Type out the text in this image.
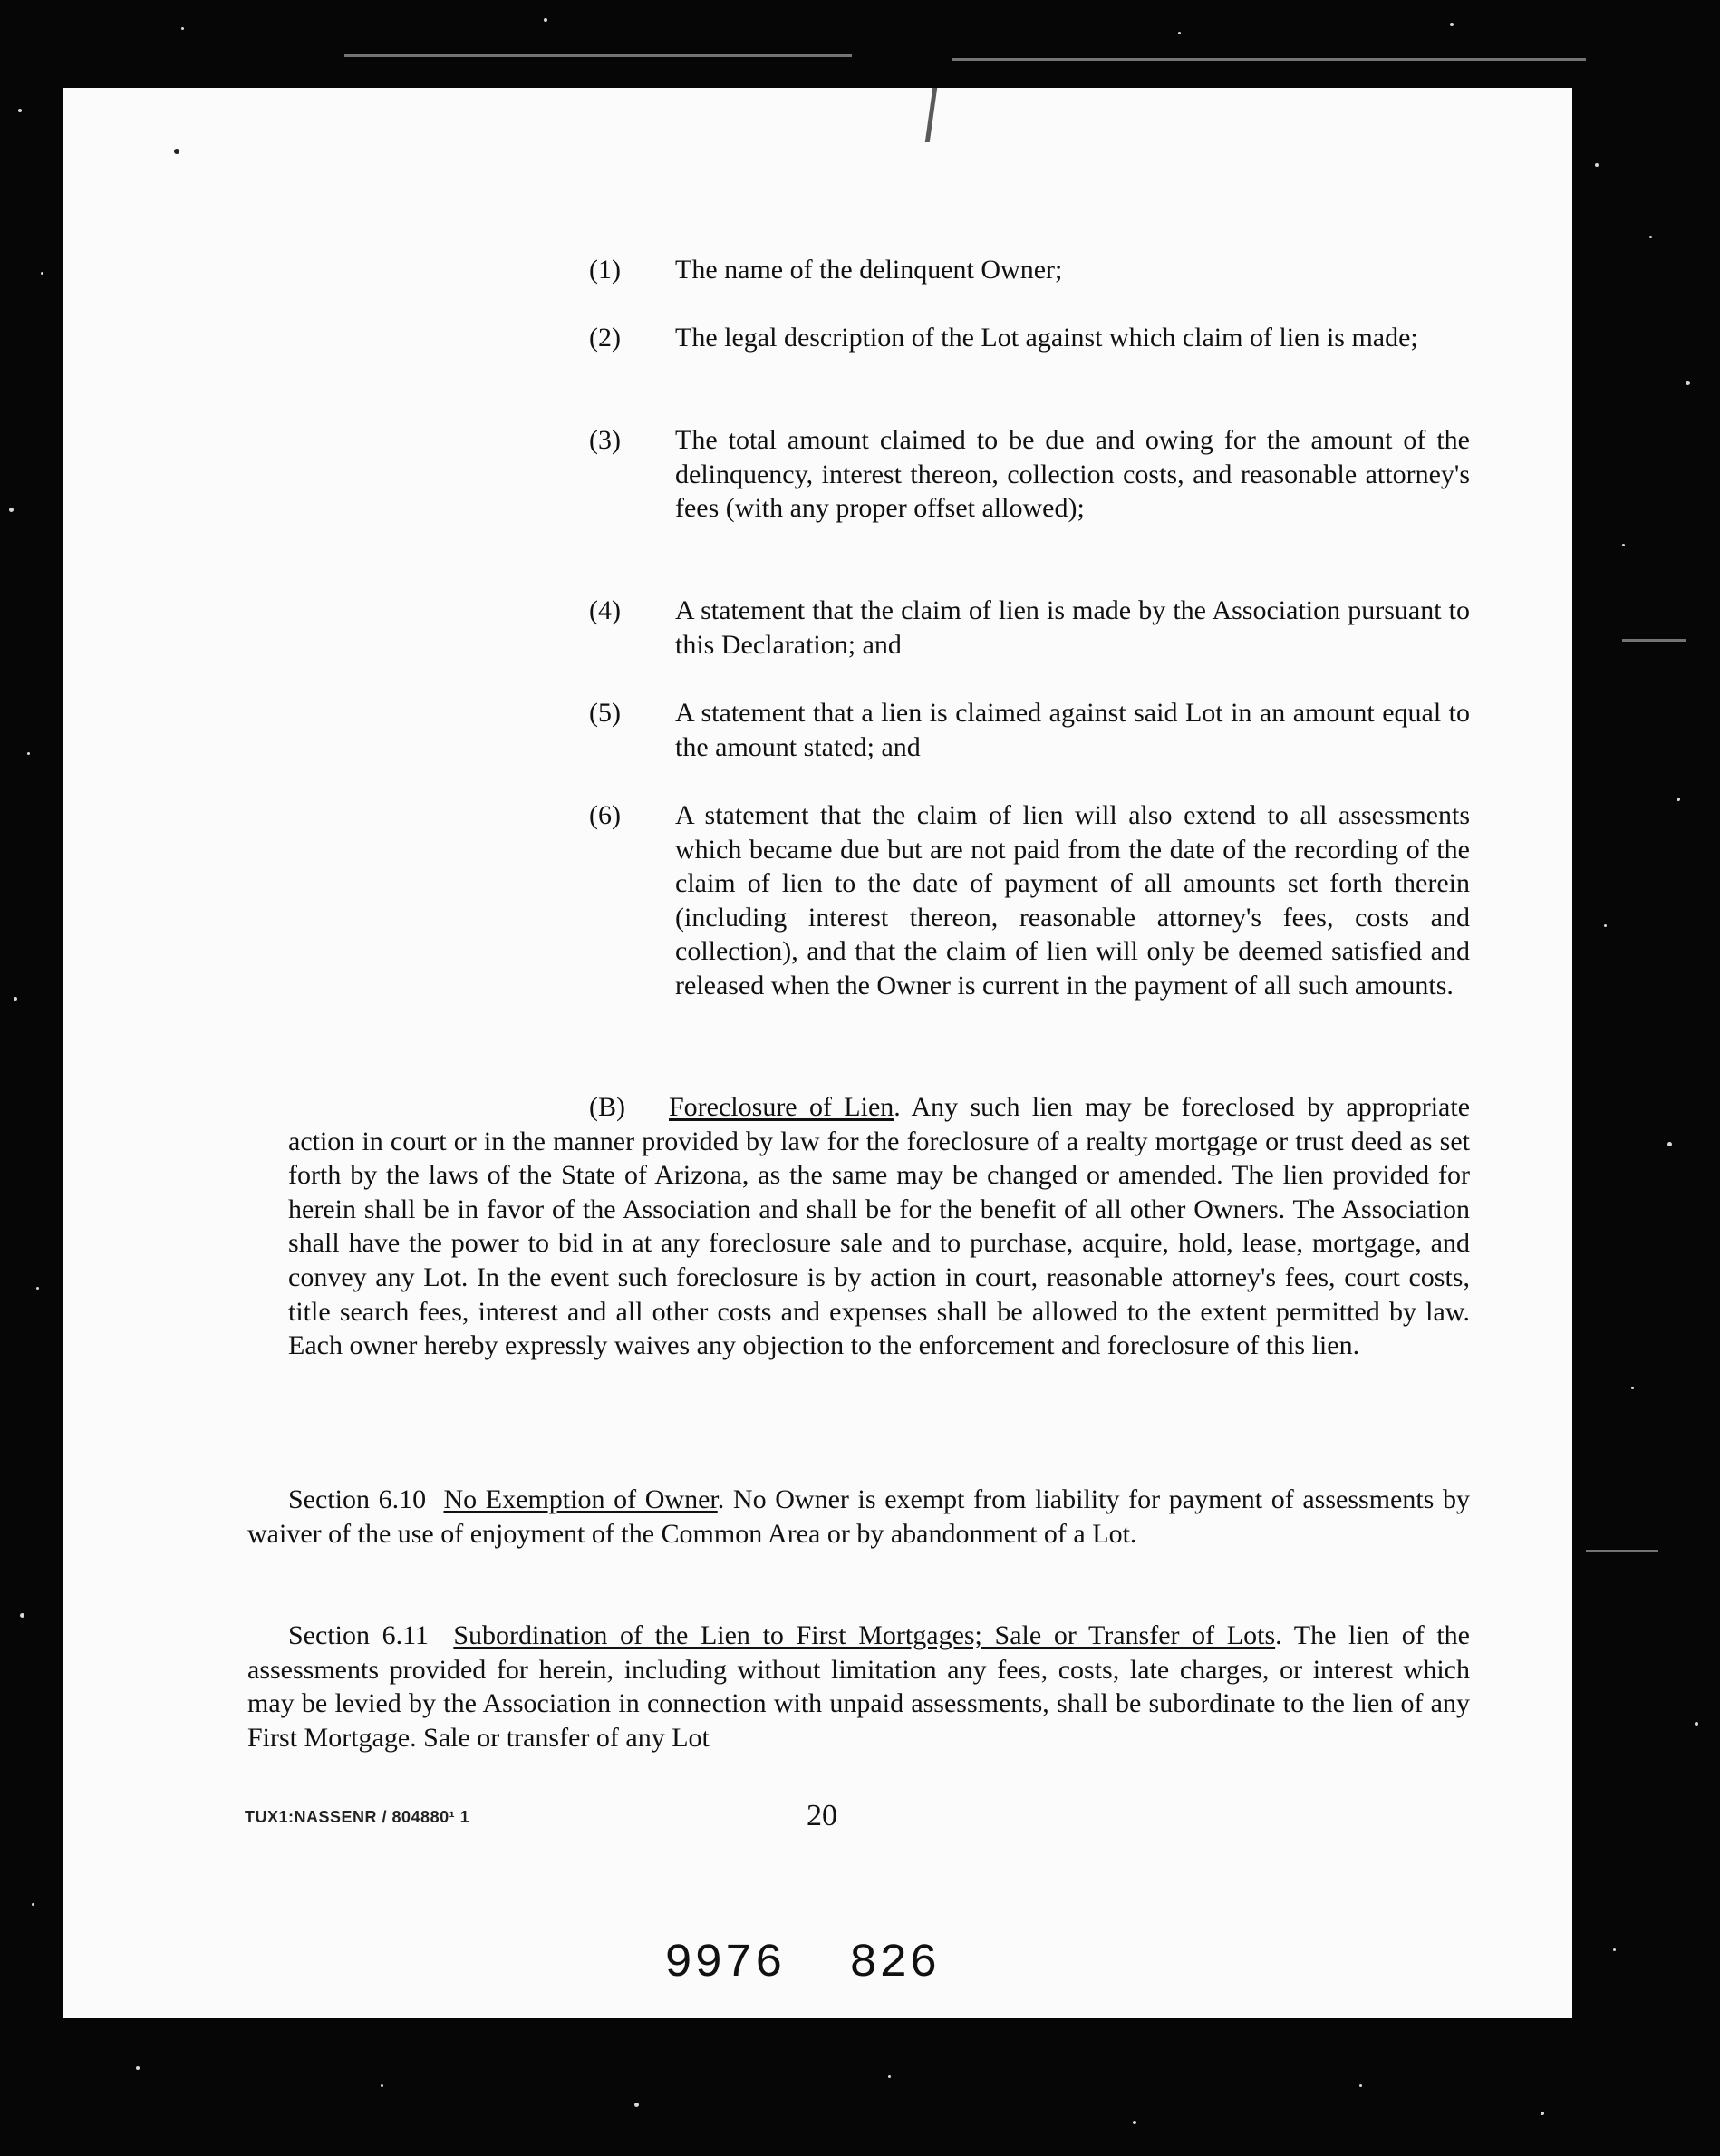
(1)	The name of the delinquent Owner;
(2)	The legal description of the Lot against which claim of lien is made;
(3)	The total amount claimed to be due and owing for the amount of the delinquency, interest thereon, collection costs, and reasonable attorney's fees (with any proper offset allowed);
(4)	A statement that the claim of lien is made by the Association pursuant to this Declaration; and
(5)	A statement that a lien is claimed against said Lot in an amount equal to the amount stated; and
(6)	A statement that the claim of lien will also extend to all assessments which became due but are not paid from the date of the recording of the claim of lien to the date of payment of all amounts set forth therein (including interest thereon, reasonable attorney's fees, costs and collection), and that the claim of lien will only be deemed satisfied and released when the Owner is current in the payment of all such amounts.
(B) Foreclosure of Lien. Any such lien may be foreclosed by appropriate action in court or in the manner provided by law for the foreclosure of a realty mortgage or trust deed as set forth by the laws of the State of Arizona, as the same may be changed or amended. The lien provided for herein shall be in favor of the Association and shall be for the benefit of all other Owners. The Association shall have the power to bid in at any foreclosure sale and to purchase, acquire, hold, lease, mortgage, and convey any Lot. In the event such foreclosure is by action in court, reasonable attorney's fees, court costs, title search fees, interest and all other costs and expenses shall be allowed to the extent permitted by law. Each owner hereby expressly waives any objection to the enforcement and foreclosure of this lien.
Section 6.10 No Exemption of Owner. No Owner is exempt from liability for payment of assessments by waiver of the use of enjoyment of the Common Area or by abandonment of a Lot.
Section 6.11 Subordination of the Lien to First Mortgages; Sale or Transfer of Lots. The lien of the assessments provided for herein, including without limitation any fees, costs, late charges, or interest which may be levied by the Association in connection with unpaid assessments, shall be subordinate to the lien of any First Mortgage. Sale or transfer of any Lot
TUX1:NASSENR / 804880¹ 1	20
9976 826
